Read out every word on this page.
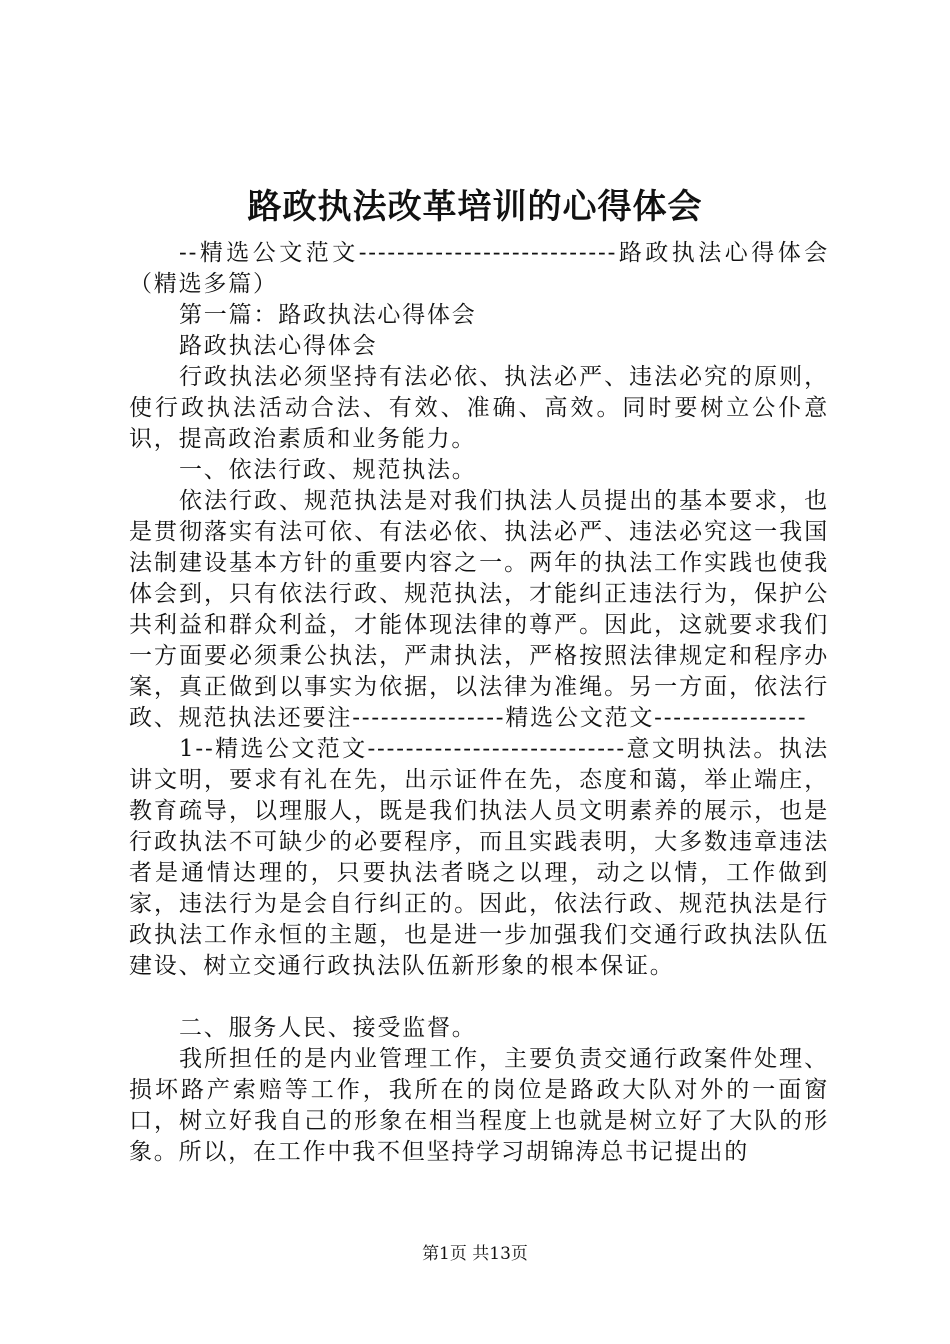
路政执法改革培训的心得体会

--精选公文范文---------------------------路政执法心得体会（精选多篇）

第一篇：路政执法心得体会

路政执法心得体会

行政执法必须坚持有法必依、执法必严、违法必究的原则，使行政执法活动合法、有效、准确、高效。同时要树立公仆意识，提高政治素质和业务能力。

一、依法行政、规范执法。

依法行政、规范执法是对我们执法人员提出的基本要求，也是贯彻落实有法可依、有法必依、执法必严、违法必究这一我国法制建设基本方针的重要内容之一。两年的执法工作实践也使我体会到，只有依法行政、规范执法，才能纠正违法行为，保护公共利益和群众利益，才能体现法律的尊严。因此，这就要求我们一方面要必须秉公执法，严肃执法，严格按照法律规定和程序办案，真正做到以事实为依据，以法律为准绳。另一方面，依法行政、规范执法还要注----------------精选公文范文----------------

1--精选公文范文---------------------------意文明执法。执法讲文明，要求有礼在先，出示证件在先，态度和蔼，举止端庄，教育疏导，以理服人，既是我们执法人员文明素养的展示，也是行政执法不可缺少的必要程序，而且实践表明，大多数违章违法者是通情达理的，只要执法者晓之以理，动之以情，工作做到家，违法行为是会自行纠正的。因此，依法行政、规范执法是行政执法工作永恒的主题，也是进一步加强我们交通行政执法队伍建设、树立交通行政执法队伍新形象的根本保证。

二、服务人民、接受监督。

我所担任的是内业管理工作，主要负责交通行政案件处理、损坏路产索赔等工作，我所在的岗位是路政大队对外的一面窗口，树立好我自己的形象在相当程度上也就是树立好了大队的形象。所以，在工作中我不但坚持学习胡锦涛总书记提出的

第1页 共13页
